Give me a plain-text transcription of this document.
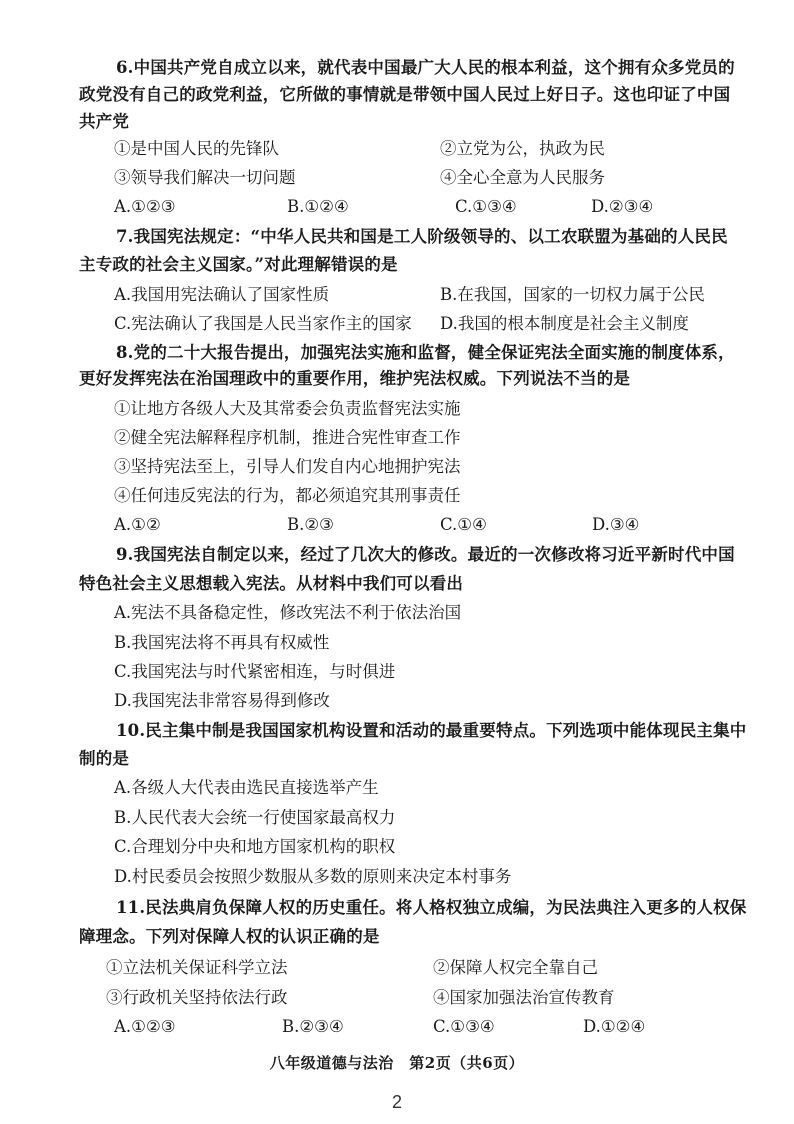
6.中国共产党自成立以来，就代表中国最广大人民的根本利益，这个拥有众多党员的
政党没有自己的政党利益，它所做的事情就是带领中国人民过上好日子。这也印证了中国
共产党
①是中国人民的先锋队	②立党为公，执政为民
③领导我们解决一切问题	④全心全意为人民服务
A.①②③	B.①②④	C.①③④	D.②③④
7.我国宪法规定：“中华人民共和国是工人阶级领导的、以工农联盟为基础的人民民
主专政的社会主义国家。”对此理解错误的是
A.我国用宪法确认了国家性质	B.在我国，国家的一切权力属于公民
C.宪法确认了我国是人民当家作主的国家 D.我国的根本制度是社会主义制度
8.党的二十大报告提出，加强宪法实施和监督，健全保证宪法全面实施的制度体系，
更好发挥宪法在治国理政中的重要作用，维护宪法权威。下列说法不当的是
①让地方各级人大及其常委会负责监督宪法实施
②健全宪法解释程序机制，推进合宪性审查工作
③坚持宪法至上，引导人们发自内心地拥护宪法
④任何违反宪法的行为，都必须追究其刑事责任
A.①②	B.②③	C.①④	D.③④
9.我国宪法自制定以来，经过了几次大的修改。最近的一次修改将习近平新时代中国
特色社会主义思想载入宪法。从材料中我们可以看出
A.宪法不具备稳定性，修改宪法不利于依法治国
B.我国宪法将不再具有权威性
C.我国宪法与时代紧密相连，与时俱进
D.我国宪法非常容易得到修改
10.民主集中制是我国国家机构设置和活动的最重要特点。下列选项中能体现民主集中
制的是
A.各级人大代表由选民直接选举产生
B.人民代表大会统一行使国家最高权力
C.合理划分中央和地方国家机构的职权
D.村民委员会按照少数服从多数的原则来决定本村事务
11.民法典肩负保障人权的历史重任。将人格权独立成编，为民法典注入更多的人权保
障理念。下列对保障人权的认识正确的是
①立法机关保证科学立法	②保障人权完全靠自己
③行政机关坚持依法行政	④国家加强法治宣传教育
A.①②③	B.②③④	C.①③④	D.①②④
八年级道德与法治　第2页（共6页）
2
